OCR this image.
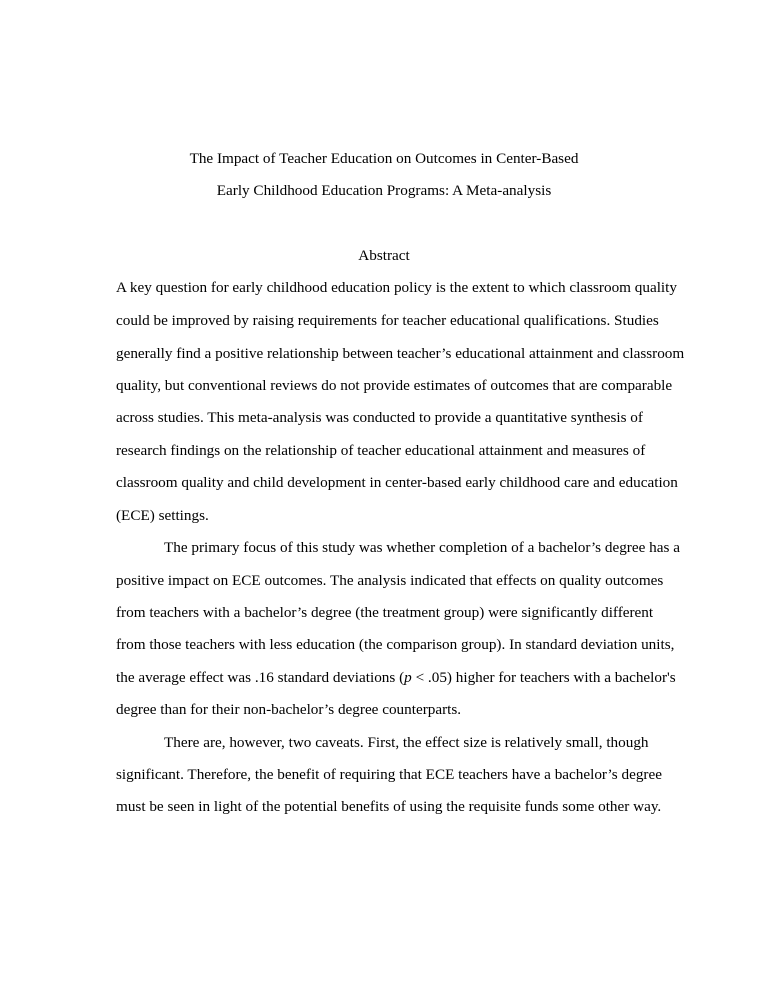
The Impact of Teacher Education on Outcomes in Center-Based
Early Childhood Education Programs: A Meta-analysis
Abstract
A key question for early childhood education policy is the extent to which classroom quality
could be improved by raising requirements for teacher educational qualifications. Studies
generally find a positive relationship between teacher’s educational attainment and classroom
quality, but conventional reviews do not provide estimates of outcomes that are comparable
across studies. This meta-analysis was conducted to provide a quantitative synthesis of
research findings on the relationship of teacher educational attainment and measures of
classroom quality and child development in center-based early childhood care and education
(ECE) settings.
The primary focus of this study was whether completion of a bachelor’s degree has a
positive impact on ECE outcomes. The analysis indicated that effects on quality outcomes
from teachers with a bachelor’s degree (the treatment group) were significantly different
from those teachers with less education (the comparison group). In standard deviation units,
the average effect was .16 standard deviations (p < .05) higher for teachers with a bachelor's
degree than for their non-bachelor’s degree counterparts.
There are, however, two caveats. First, the effect size is relatively small, though
significant. Therefore, the benefit of requiring that ECE teachers have a bachelor’s degree
must be seen in light of the potential benefits of using the requisite funds some other way.
